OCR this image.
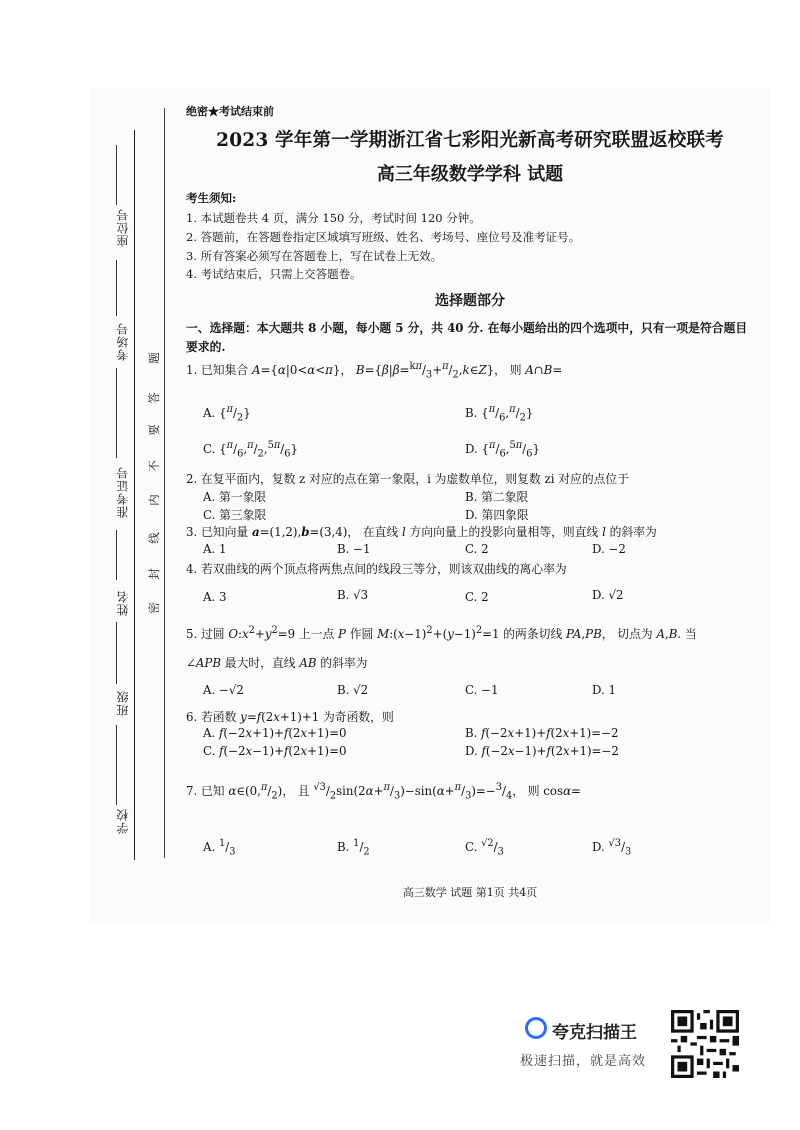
座位号
考场号
准考证号
姓名
班级
学校
题
答
要
不
内
线
封
密
绝密★考试结束前
2023 学年第一学期浙江省七彩阳光新高考研究联盟返校联考
高三年级数学学科 试题
考生须知:
1. 本试题卷共 4 页，满分 150 分，考试时间 120 分钟。
2. 答题前，在答题卷指定区域填写班级、姓名、考场号、座位号及准考证号。
3. 所有答案必须写在答题卷上，写在试卷上无效。
4. 考试结束后，只需上交答题卷。
选择题部分
一、选择题：本大题共 8 小题，每小题 5 分，共 40 分. 在每小题给出的四个选项中，只有一项是符合题目要求的.
1. 已知集合 A={α|0<α<π}， $B=\{\beta|\beta=^{k\pi}/_3+^\pi/_2,k\in Z\}$， 则 A∩B=
A. $\{^\pi/_2\}$	B. $\{^\pi/_6,^\pi/_2\}$
C. $\{^\pi/_6,^\pi/_2,^{5\pi}/_6\}$	D. $\{^\pi/_6,^{5\pi}/_6\}$
2. 在复平面内，复数 z 对应的点在第一象限，i 为虚数单位，则复数 zi 对应的点位于
A. 第一象限	B. 第二象限
C. 第三象限	D. 第四象限
3. 已知向量 a=(1,2),b=(3,4)， 在直线 l 方向向量上的投影向量相等，则直线 l 的斜率为
A. 1	B. −1	C. 2	D. −2
4. 若双曲线的两个顶点将两焦点间的线段三等分，则该双曲线的离心率为
A. 3	B. √3	C. 2	D. √2
5. 过圆 $O:x^2+y^2=9$ 上一点 P 作圆 $M:(x-1)^2+(y-1)^2=1$ 的两条切线 PA,PB， 切点为 A,B. 当
∠APB 最大时，直线 AB 的斜率为
A. −√2	B. √2	C. −1	D. 1
6. 若函数 y=f(2x+1)+1 为奇函数，则
A. f(−2x+1)+f(2x+1)=0	B. f(−2x+1)+f(2x+1)=−2
C. f(−2x−1)+f(2x+1)=0	D. f(−2x−1)+f(2x+1)=−2
7. 已知 $\alpha\in(0,^\pi/_2)$， 且 $^{√3}/_2\sin(2\alpha+^\pi/_3)-\sin(\alpha+^\pi/_3)=-^3/_4$， 则 cosα=
A. $^1/_3$	B. $^1/_2$	C. $^{√2}/_3$	D. $^{√3}/_3$
高三数学 试题 第1页 共4页
夸克扫描王
极速扫描，就是高效
